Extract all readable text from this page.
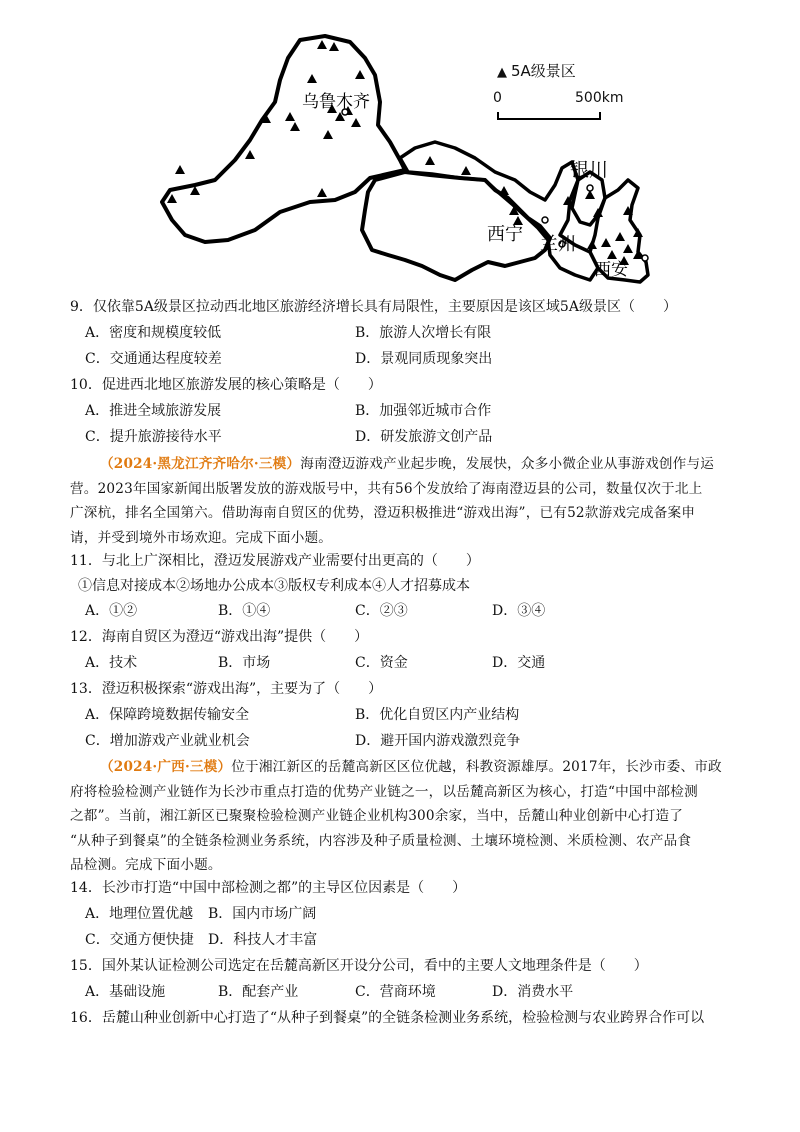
乌鲁木齐
银川
西宁 兰州
西安
▲ 5A级景区
0	500km
9．仅依靠5A级景区拉动西北地区旅游经济增长具有局限性，主要原因是该区域5A级景区（　　）
A．密度和规模度较低	B．旅游人次增长有限
C．交通通达程度较差	D．景观同质现象突出
10．促进西北地区旅游发展的核心策略是（　　）
A．推进全域旅游发展	B．加强邻近城市合作
C．提升旅游接待水平	D．研发旅游文创产品
（2024·黑龙江齐齐哈尔·三模）海南澄迈游戏产业起步晚，发展快，众多小微企业从事游戏创作与运
营。2023年国家新闻出版署发放的游戏版号中，共有56个发放给了海南澄迈县的公司，数量仅次于北上
广深杭，排名全国第六。借助海南自贸区的优势，澄迈积极推进“游戏出海”，已有52款游戏完成备案申
请，并受到境外市场欢迎。完成下面小题。
11．与北上广深相比，澄迈发展游戏产业需要付出更高的（　　）
①信息对接成本②场地办公成本③版权专利成本④人才招募成本
A．①②	B．①④	C．②③	D．③④
12．海南自贸区为澄迈“游戏出海”提供（　　）
A．技术	B．市场	C．资金	D．交通
13．澄迈积极探索“游戏出海”，主要为了（　　）
A．保障跨境数据传输安全	B．优化自贸区内产业结构
C．增加游戏产业就业机会	D．避开国内游戏激烈竞争
（2024·广西·三模）位于湘江新区的岳麓高新区区位优越，科教资源雄厚。2017年，长沙市委、市政
府将检验检测产业链作为长沙市重点打造的优势产业链之一，以岳麓高新区为核心，打造“中国中部检测
之都”。当前，湘江新区已聚聚检验检测产业链企业机构300余家，当中，岳麓山种业创新中心打造了
“从种子到餐桌”的全链条检测业务系统，内容涉及种子质量检测、土壤环境检测、米质检测、农产品食
品检测。完成下面小题。
14．长沙市打造“中国中部检测之都”的主导区位因素是（　　）
A．地理位置优越 B．国内市场广阔
C．交通方便快捷 D．科技人才丰富
15．国外某认证检测公司选定在岳麓高新区开设分公司，看中的主要人文地理条件是（　　）
A．基础设施	B．配套产业	C．营商环境	D．消费水平
16．岳麓山种业创新中心打造了“从种子到餐桌”的全链条检测业务系统，检验检测与农业跨界合作可以
